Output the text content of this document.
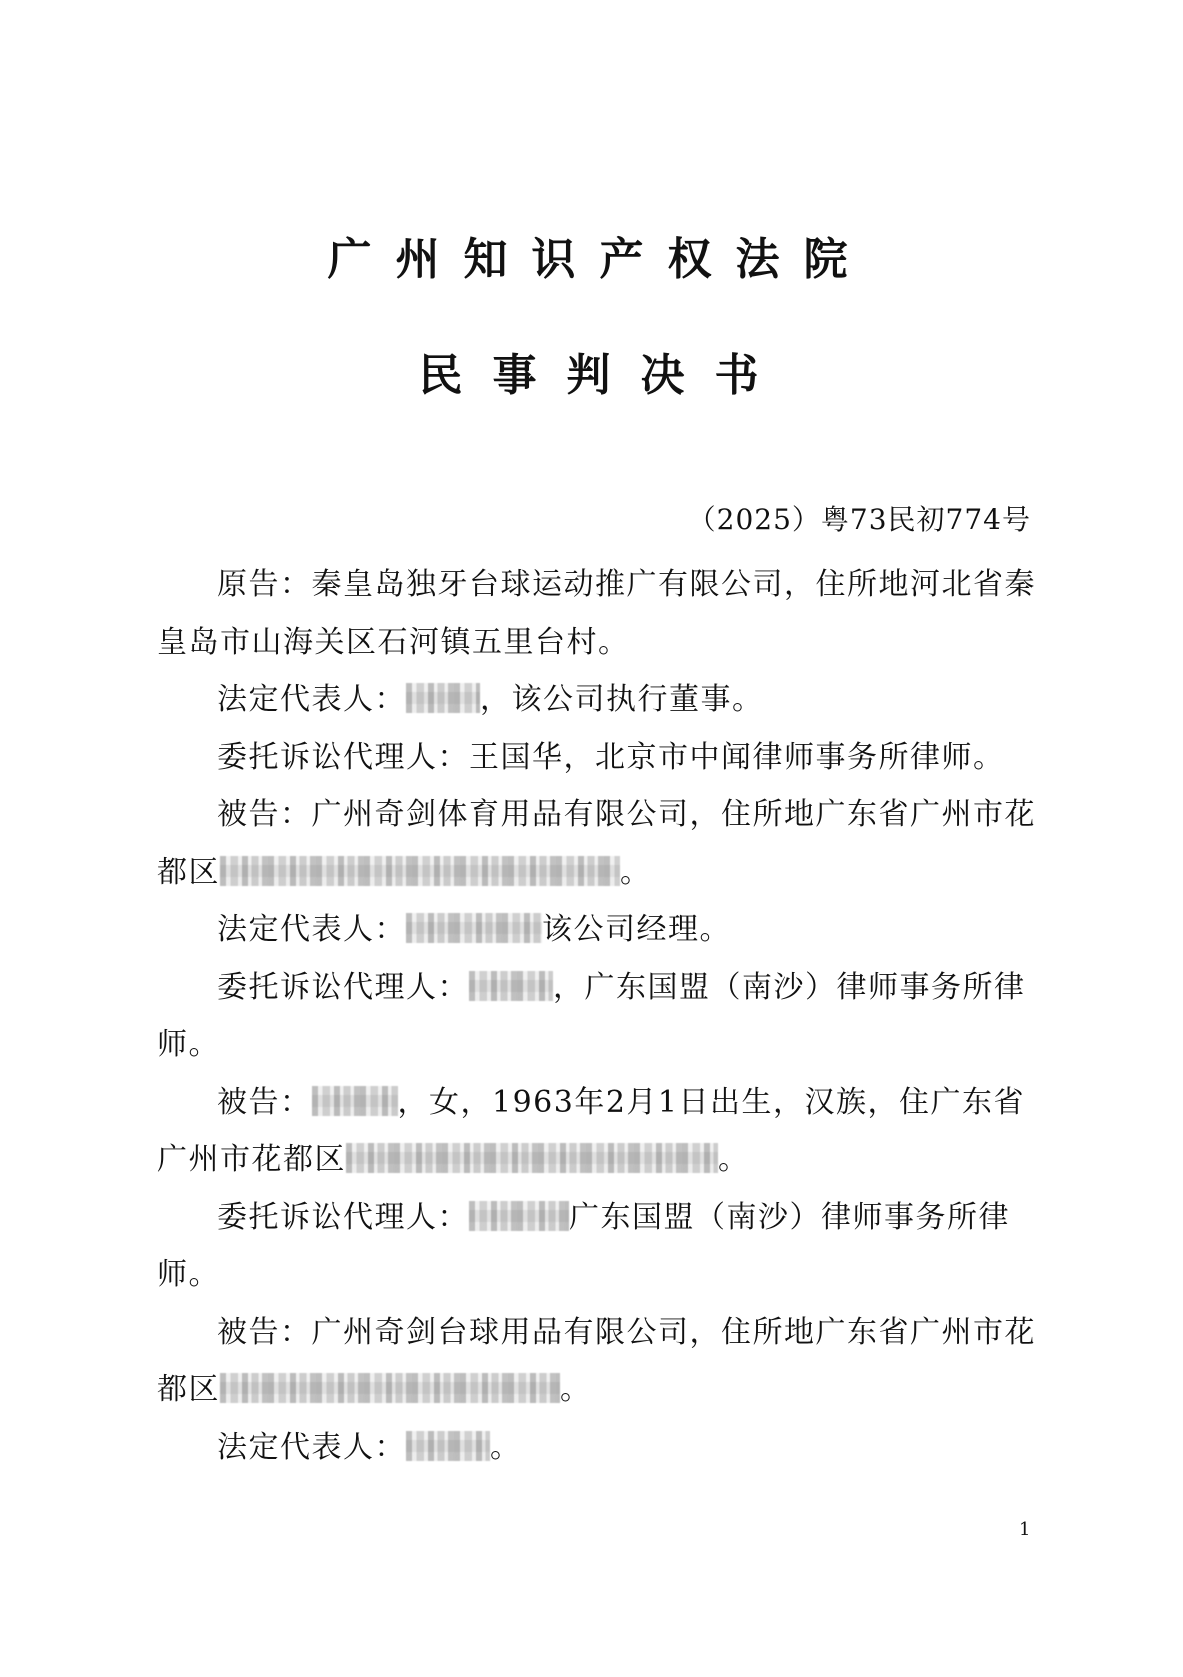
广州知识产权法院
民事判决书
（2025）粤73民初774号

原告：秦皇岛独牙台球运动推广有限公司，住所地河北省秦皇岛市山海关区石河镇五里台村。

法定代表人： ，该公司执行董事。

委托诉讼代理人：王国华，北京市中闻律师事务所律师。

被告：广州奇剑体育用品有限公司，住所地广东省广州市花都区	。

法定代表人：	该公司经理。

委托诉讼代理人：	，广东国盟（南沙）律师事务所律师。

被告：	，女，1963年2月1日出生，汉族，住广东省广州市花都区	。

委托诉讼代理人：	广东国盟（南沙）律师事务所律师。

被告：广州奇剑台球用品有限公司，住所地广东省广州市花都区	。

法定代表人：	。

1
